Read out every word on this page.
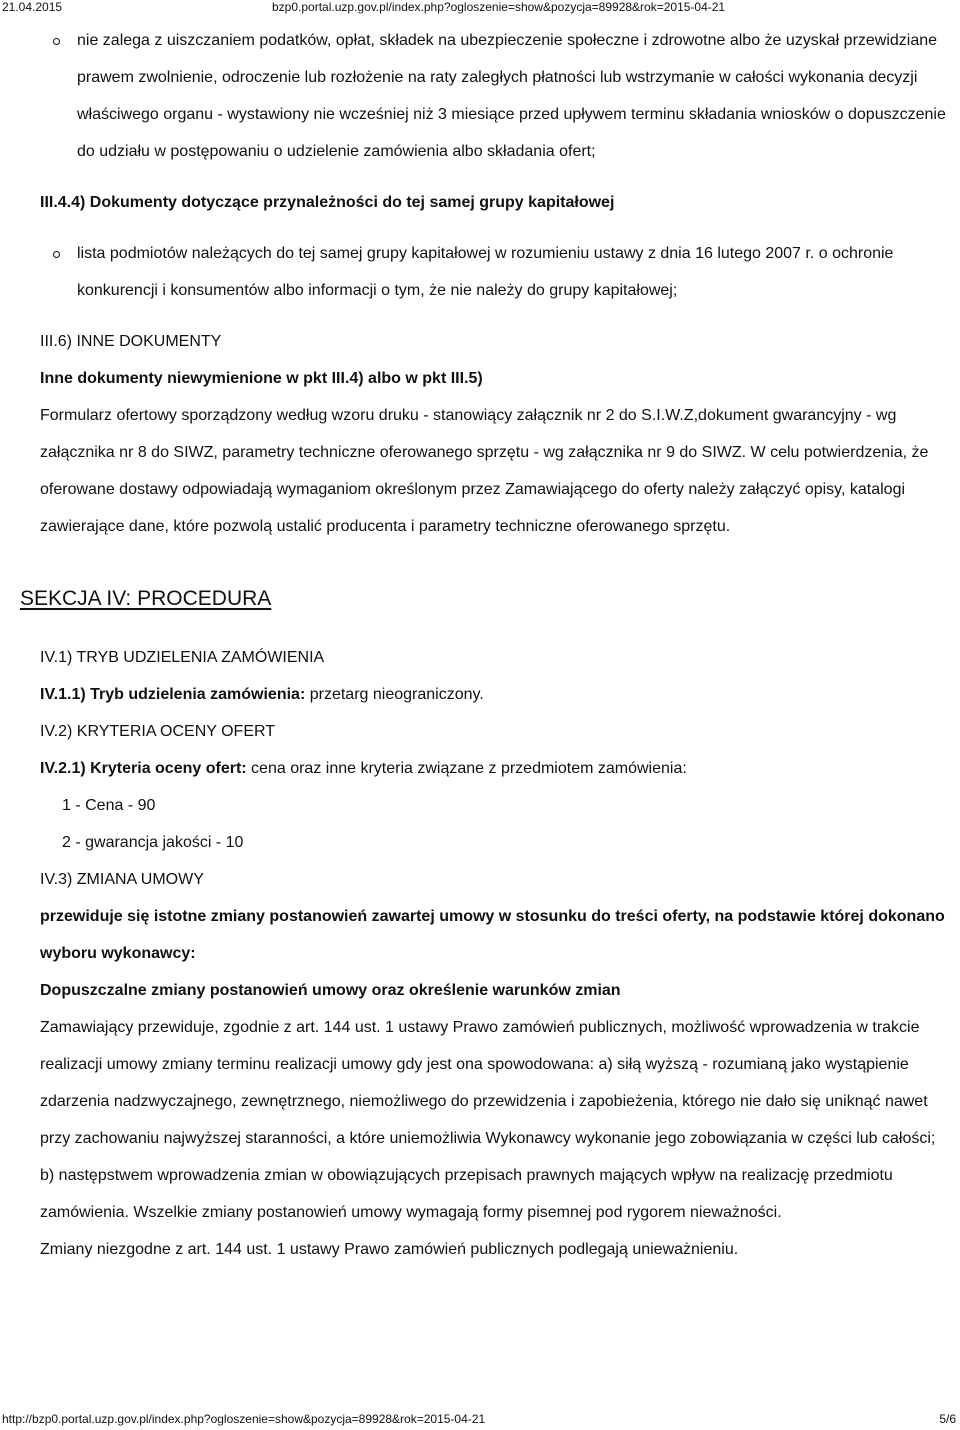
21.04.2015	bzp0.portal.uzp.gov.pl/index.php?ogloszenie=show&pozycja=89928&rok=2015-04-21
nie zalega z uiszczaniem podatków, opłat, składek na ubezpieczenie społeczne i zdrowotne albo że uzyskał przewidziane prawem zwolnienie, odroczenie lub rozłożenie na raty zaległych płatności lub wstrzymanie w całości wykonania decyzji właściwego organu - wystawiony nie wcześniej niż 3 miesiące przed upływem terminu składania wniosków o dopuszczenie do udziału w postępowaniu o udzielenie zamówienia albo składania ofert;

III.4.4) Dokumenty dotyczące przynależności do tej samej grupy kapitałowej

lista podmiotów należących do tej samej grupy kapitałowej w rozumieniu ustawy z dnia 16 lutego 2007 r. o ochronie konkurencji i konsumentów albo informacji o tym, że nie należy do grupy kapitałowej;

III.6) INNE DOKUMENTY

Inne dokumenty niewymienione w pkt III.4) albo w pkt III.5)

Formularz ofertowy sporządzony według wzoru druku - stanowiący załącznik nr 2 do S.I.W.Z,dokument gwarancyjny - wg załącznika nr 8 do SIWZ, parametry techniczne oferowanego sprzętu - wg załącznika nr 9 do SIWZ. W celu potwierdzenia, że oferowane dostawy odpowiadają wymaganiom określonym przez Zamawiającego do oferty należy załączyć opisy, katalogi zawierające dane, które pozwolą ustalić producenta i parametry techniczne oferowanego sprzętu.

SEKCJA IV: PROCEDURA

IV.1) TRYB UDZIELENIA ZAMÓWIENIA

IV.1.1) Tryb udzielenia zamówienia: przetarg nieograniczony.

IV.2) KRYTERIA OCENY OFERT

IV.2.1) Kryteria oceny ofert: cena oraz inne kryteria związane z przedmiotem zamówienia:

1 - Cena - 90

2 - gwarancja jakości - 10

IV.3) ZMIANA UMOWY

przewiduje się istotne zmiany postanowień zawartej umowy w stosunku do treści oferty, na podstawie której dokonano wyboru wykonawcy:

Dopuszczalne zmiany postanowień umowy oraz określenie warunków zmian

Zamawiający przewiduje, zgodnie z art. 144 ust. 1 ustawy Prawo zamówień publicznych, możliwość wprowadzenia w trakcie realizacji umowy zmiany terminu realizacji umowy gdy jest ona spowodowana: a) siłą wyższą - rozumianą jako wystąpienie zdarzenia nadzwyczajnego, zewnętrznego, niemożliwego do przewidzenia i zapobieżenia, którego nie dało się uniknąć nawet przy zachowaniu najwyższej staranności, a które uniemożliwia Wykonawcy wykonanie jego zobowiązania w części lub całości; b) następstwem wprowadzenia zmian w obowiązujących przepisach prawnych mających wpływ na realizację przedmiotu zamówienia. Wszelkie zmiany postanowień umowy wymagają formy pisemnej pod rygorem nieważności.

Zmiany niezgodne z art. 144 ust. 1 ustawy Prawo zamówień publicznych podlegają unieważnieniu.

http://bzp0.portal.uzp.gov.pl/index.php?ogloszenie=show&pozycja=89928&rok=2015-04-21	5/6
